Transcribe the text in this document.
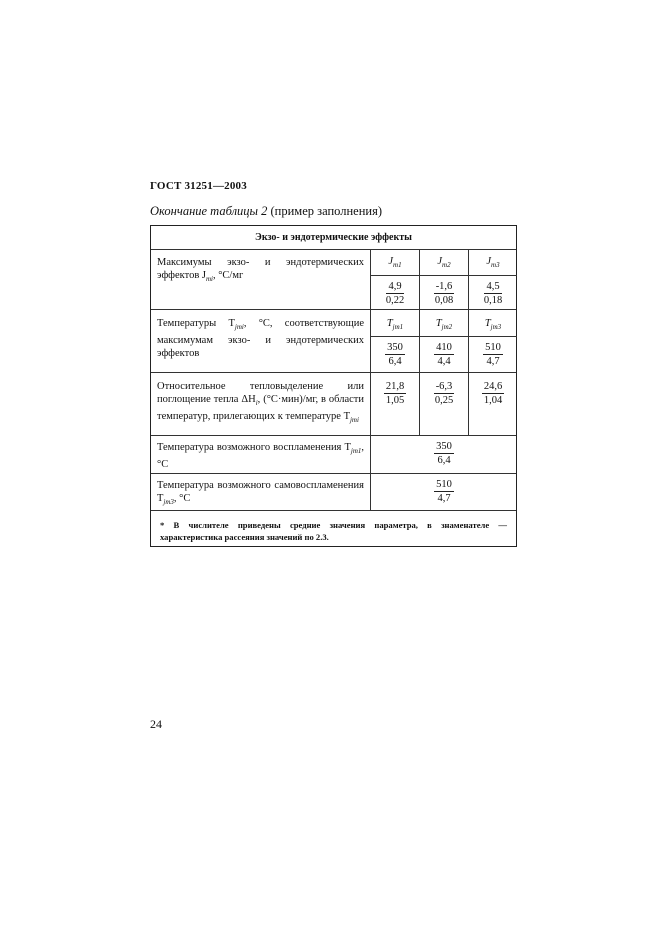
ГОСТ 31251—2003
Окончание таблицы 2 (пример заполнения)
Экзо- и эндотермические эффекты
Максимумы экзо- и эндотермических эффектов $J_{mi}$, °С/мг
$J_{m1}$
$\frac{4,9}{0,22}$
$J_{m2}$
$\frac{-1,6}{0,08}$
$J_{m3}$
$\frac{4,5}{0,18}$
Температуры $T_{jmi}$, °С, соответствующие максимумам экзо- и эндотермических эффектов
$T_{jm1}$
$\frac{350}{6,4}$
$T_{jm2}$
$\frac{410}{4,4}$
$T_{jm3}$
$\frac{510}{4,7}$
Относительное тепловыделение или поглощение тепла $\Delta H_i$, (°С·мин)/мг, в области температур, прилегающих к температуре $T_{jmi}$
$\frac{21,8}{1,05} \frac{-6,3}{0,25} \frac{24,6}{1,04}$
Температура возможного воспламенения $T_{jm1}$, °С	$\frac{350}{6,4}$
Температура возможного самовоспламенения $T_{jm3}$, °С	$\frac{510}{4,7}$
* В числителе приведены средние значения параметра, в знаменателе — характеристика рассеяния значений по 2.3.
24
